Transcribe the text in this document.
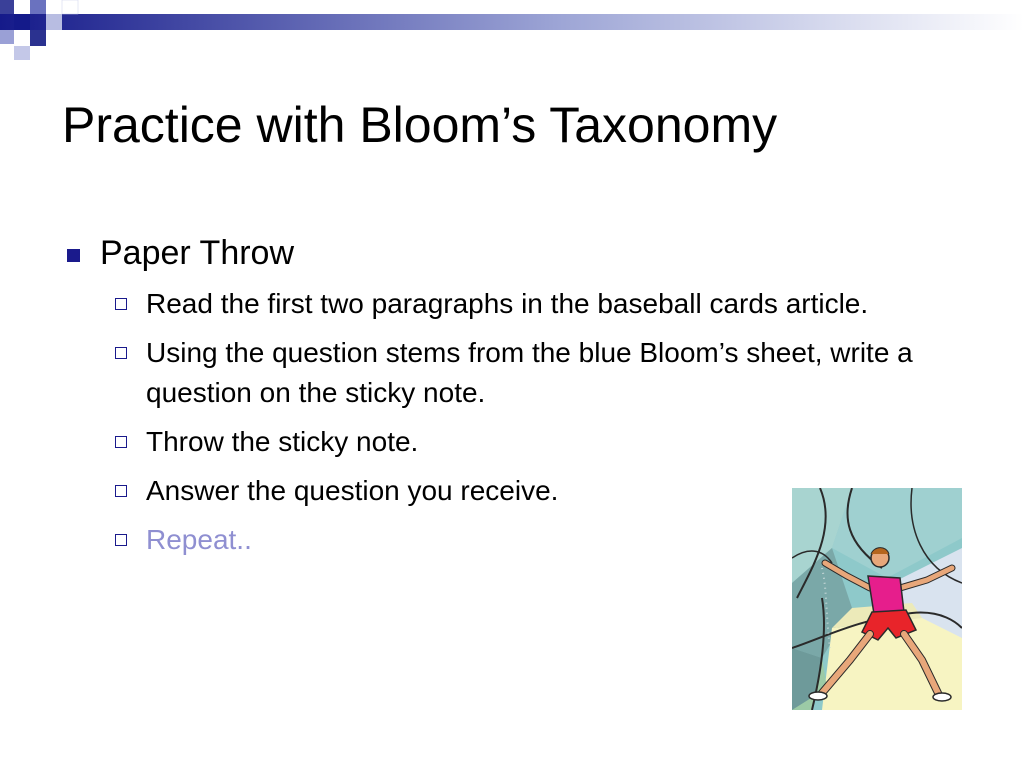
Practice with Bloom’s Taxonomy
Paper Throw
Read the first two paragraphs in the baseball cards article.
Using the question stems from the blue Bloom’s sheet, write a question on the sticky note.
Throw the sticky note.
Answer the question you receive.
Repeat..
